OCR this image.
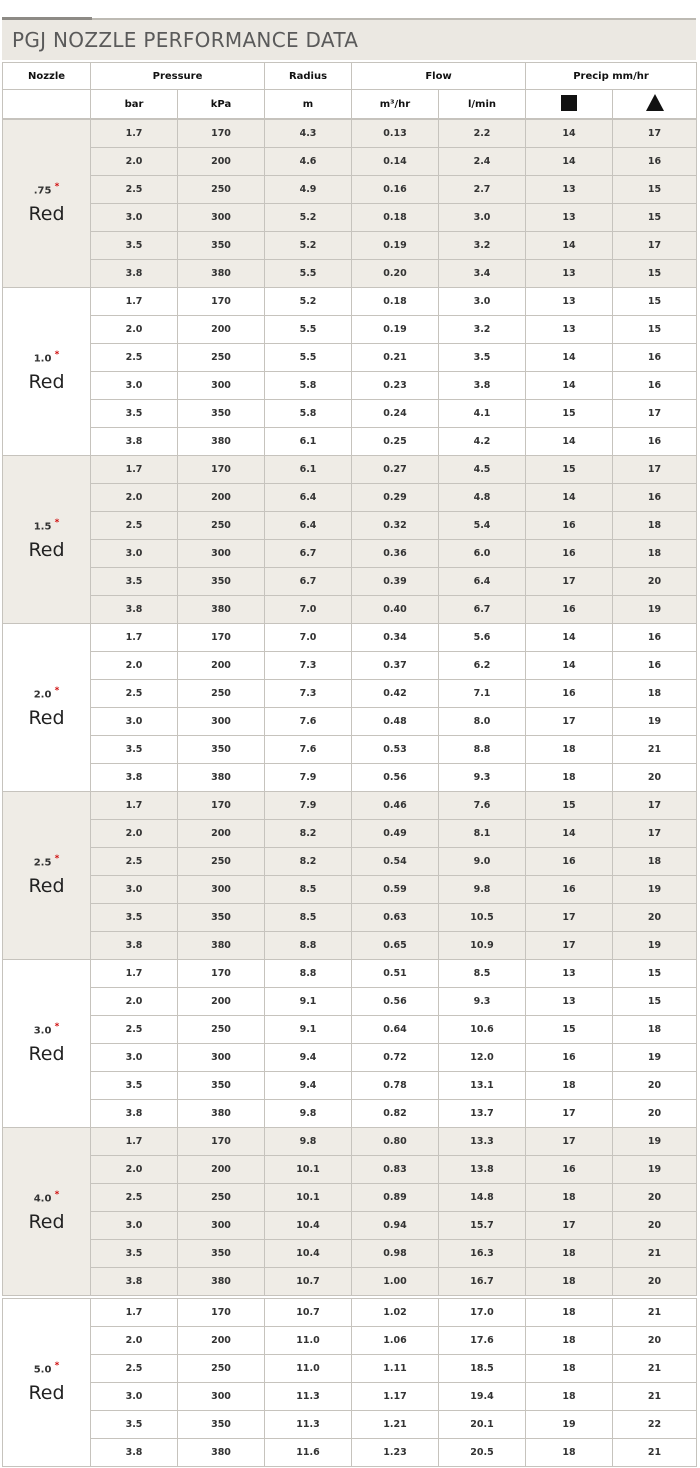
PGJ NOZZLE PERFORMANCE DATA
Nozzle	Pressure		Radius	Flow		Precip mm/hr	
	bar	kPa	m	m³/hr	l/min		
.75 *
Red	1.7	170	4.3	0.13	2.2	14	17
	2.0	200	4.6	0.14	2.4	14	16
	2.5	250	4.9	0.16	2.7	13	15
	3.0	300	5.2	0.18	3.0	13	15
	3.5	350	5.2	0.19	3.2	14	17
	3.8	380	5.5	0.20	3.4	13	15
1.0 *
Red	1.7	170	5.2	0.18	3.0	13	15
	2.0	200	5.5	0.19	3.2	13	15
	2.5	250	5.5	0.21	3.5	14	16
	3.0	300	5.8	0.23	3.8	14	16
	3.5	350	5.8	0.24	4.1	15	17
	3.8	380	6.1	0.25	4.2	14	16
1.5 *
Red	1.7	170	6.1	0.27	4.5	15	17
	2.0	200	6.4	0.29	4.8	14	16
	2.5	250	6.4	0.32	5.4	16	18
	3.0	300	6.7	0.36	6.0	16	18
	3.5	350	6.7	0.39	6.4	17	20
	3.8	380	7.0	0.40	6.7	16	19
2.0 *
Red	1.7	170	7.0	0.34	5.6	14	16
	2.0	200	7.3	0.37	6.2	14	16
	2.5	250	7.3	0.42	7.1	16	18
	3.0	300	7.6	0.48	8.0	17	19
	3.5	350	7.6	0.53	8.8	18	21
	3.8	380	7.9	0.56	9.3	18	20
2.5 *
Red	1.7	170	7.9	0.46	7.6	15	17
	2.0	200	8.2	0.49	8.1	14	17
	2.5	250	8.2	0.54	9.0	16	18
	3.0	300	8.5	0.59	9.8	16	19
	3.5	350	8.5	0.63	10.5	17	20
	3.8	380	8.8	0.65	10.9	17	19
3.0 *
Red	1.7	170	8.8	0.51	8.5	13	15
	2.0	200	9.1	0.56	9.3	13	15
	2.5	250	9.1	0.64	10.6	15	18
	3.0	300	9.4	0.72	12.0	16	19
	3.5	350	9.4	0.78	13.1	18	20
	3.8	380	9.8	0.82	13.7	17	20
4.0 *
Red	1.7	170	9.8	0.80	13.3	17	19
	2.0	200	10.1	0.83	13.8	16	19
	2.5	250	10.1	0.89	14.8	18	20
	3.0	300	10.4	0.94	15.7	17	20
	3.5	350	10.4	0.98	16.3	18	21
	3.8	380	10.7	1.00	16.7	18	20
5.0 *
Red	1.7	170	10.7	1.02	17.0	18	21
	2.0	200	11.0	1.06	17.6	18	20
	2.5	250	11.0	1.11	18.5	18	21
	3.0	300	11.3	1.17	19.4	18	21
	3.5	350	11.3	1.21	20.1	19	22
	3.8	380	11.6	1.23	20.5	18	21
